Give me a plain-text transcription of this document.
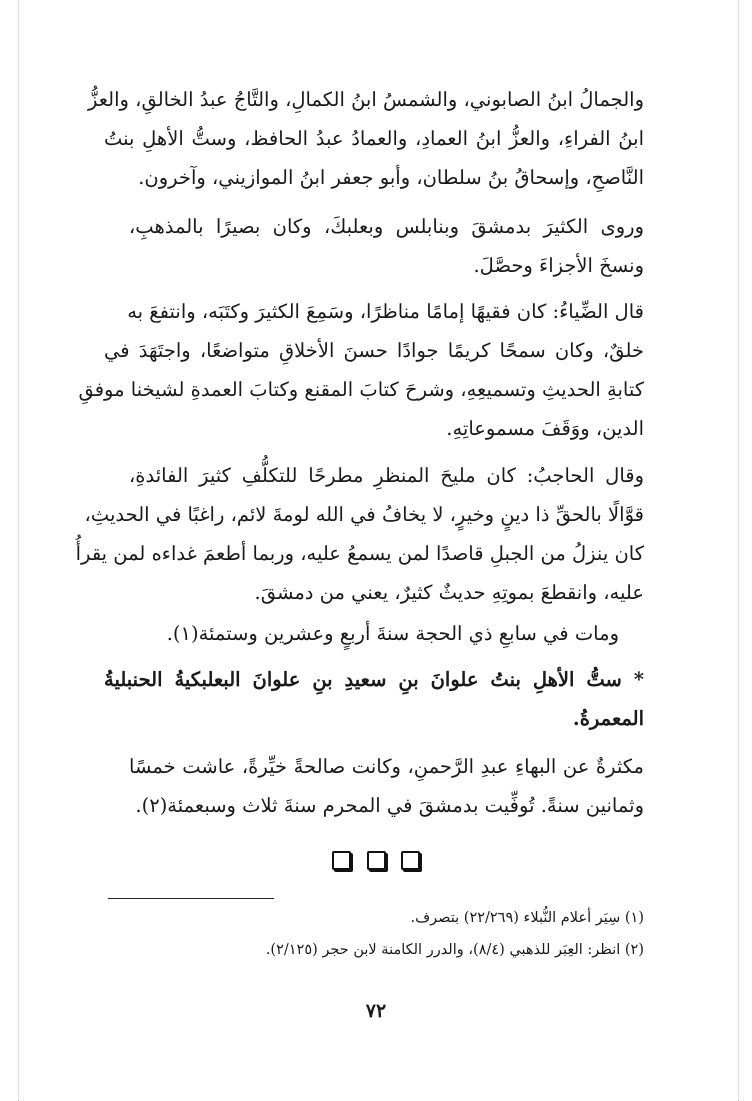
والجمالُ ابنُ الصابوني، والشمسُ ابنُ الكمالِ، والتَّاجُ عبدُ الخالقِ، والعزُّ
ابنُ الفراءِ، والعزُّ ابنُ العمادِ، والعمادُ عبدُ الحافظ، وستُّ الأهلِ بنتُ
النَّاصحِ، وإسحاقُ بنُ سلطان، وأبو جعفر ابنُ الموازيني، وآخرون.
وروى الكثيرَ بدمشقَ وبنابلس وبعلبكَ، وكان بصيرًا بالمذهبِ،
ونسخَ الأجزاءَ وحصَّلَ.
قال الضِّياءُ: كان فقيهًا إمامًا مناظرًا، وسَمِعَ الكثيرَ وكتَبَه، وانتفعَ به
خلقٌ، وكان سمحًا كريمًا جوادًا حسنَ الأخلاقِ متواضعًا، واجتَهَدَ في
كتابةِ الحديثِ وتسميعِهِ، وشرحَ كتابَ المقنع وكتابَ العمدةِ لشيخنا موفقِ
الدين، ووَقَفَ مسموعاتِهِ.
وقال الحاجبُ: كان مليحَ المنظرِ مطرحًا للتكلُّفِ كثيرَ الفائدةِ،
قوَّالًا بالحقِّ ذا دينٍ وخيرٍ، لا يخافُ في الله لومةَ لائم، راغبًا في الحديثِ،
كان ينزلُ من الجبلِ قاصدًا لمن يسمعُ عليه، وربما أطعمَ غداءه لمن يقرأُ
عليه، وانقطعَ بموتِهِ حديثٌ كثيرٌ، يعني من دمشقَ.
ومات في سابعِ ذي الحجة سنةَ أربعٍ وعشرين وستمئة(١).
* ستُّ الأهلِ بنتُ علوانَ بنِ سعيدِ بنِ علوانَ البعلبكيةُ الحنبليةُ
المعمرةُ.
مكثرةٌ عن البهاءِ عبدِ الرَّحمنِ، وكانت صالحةً خيِّرةً، عاشت خمسًا
وثمانين سنةً. تُوفِّيت بدمشقَ في المحرم سنةَ ثلاث وسبعمئة(٢).

(١) سِيَر أعلام النُّبلاء (٢٢/٢٦٩) بتصرف.
(٢) انظر: العِبَر للذهبي (٨/٤)، والدرر الكامنة لابن حجر (٢/١٢٥).
٧٢
